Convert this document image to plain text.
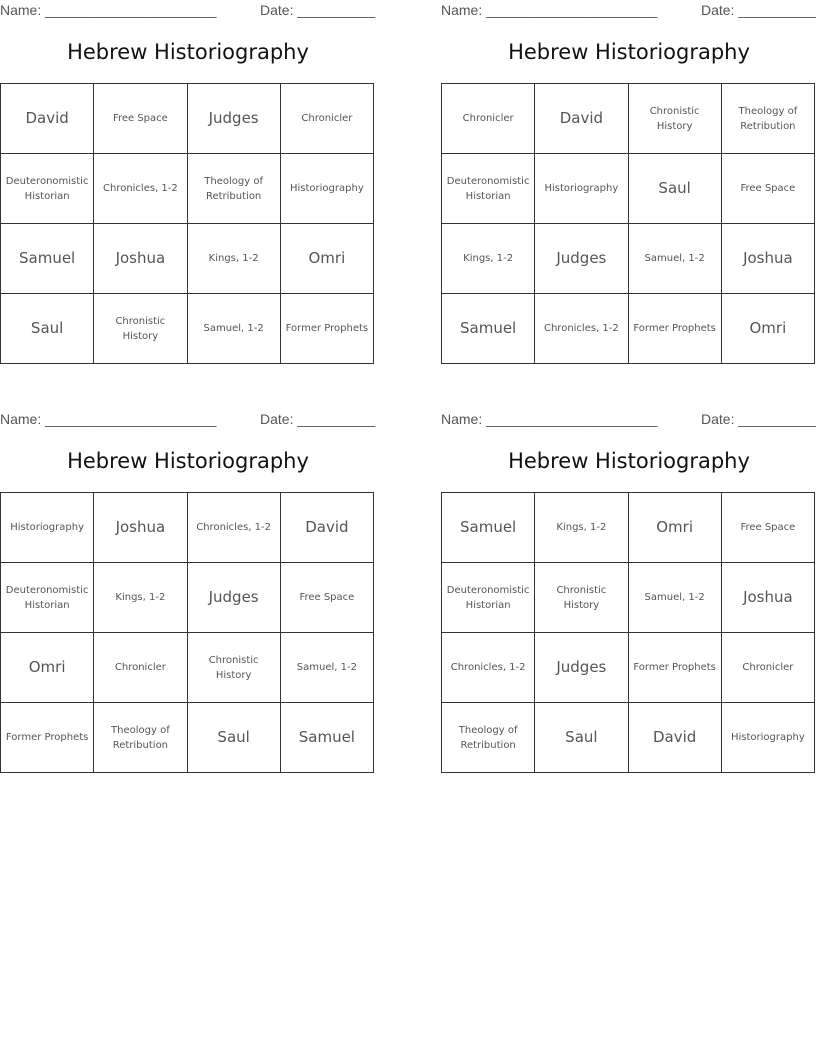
Name: ______________________	Date: __________
Hebrew Historiography
David	Free Space	Judges	Chronicler
Deuteronomistic Historian	Chronicles, 1-2	Theology of Retribution	Historiography
Samuel	Joshua	Kings, 1-2	Omri
Saul	Chronistic History	Samuel, 1-2	Former Prophets
Name: ______________________	Date: __________
Hebrew Historiography
Chronicler	David	Chronistic History	Theology of Retribution
Deuteronomistic Historian	Historiography	Saul	Free Space
Kings, 1-2	Judges	Samuel, 1-2	Joshua
Samuel	Chronicles, 1-2	Former Prophets	Omri
Name: ______________________	Date: __________
Hebrew Historiography
Historiography	Joshua	Chronicles, 1-2	David
Deuteronomistic Historian	Kings, 1-2	Judges	Free Space
Omri	Chronicler	Chronistic History	Samuel, 1-2
Former Prophets	Theology of Retribution	Saul	Samuel
Name: ______________________	Date: __________
Hebrew Historiography
Samuel	Kings, 1-2	Omri	Free Space
Deuteronomistic Historian	Chronistic History	Samuel, 1-2	Joshua
Chronicles, 1-2	Judges	Former Prophets	Chronicler
Theology of Retribution	Saul	David	Historiography
